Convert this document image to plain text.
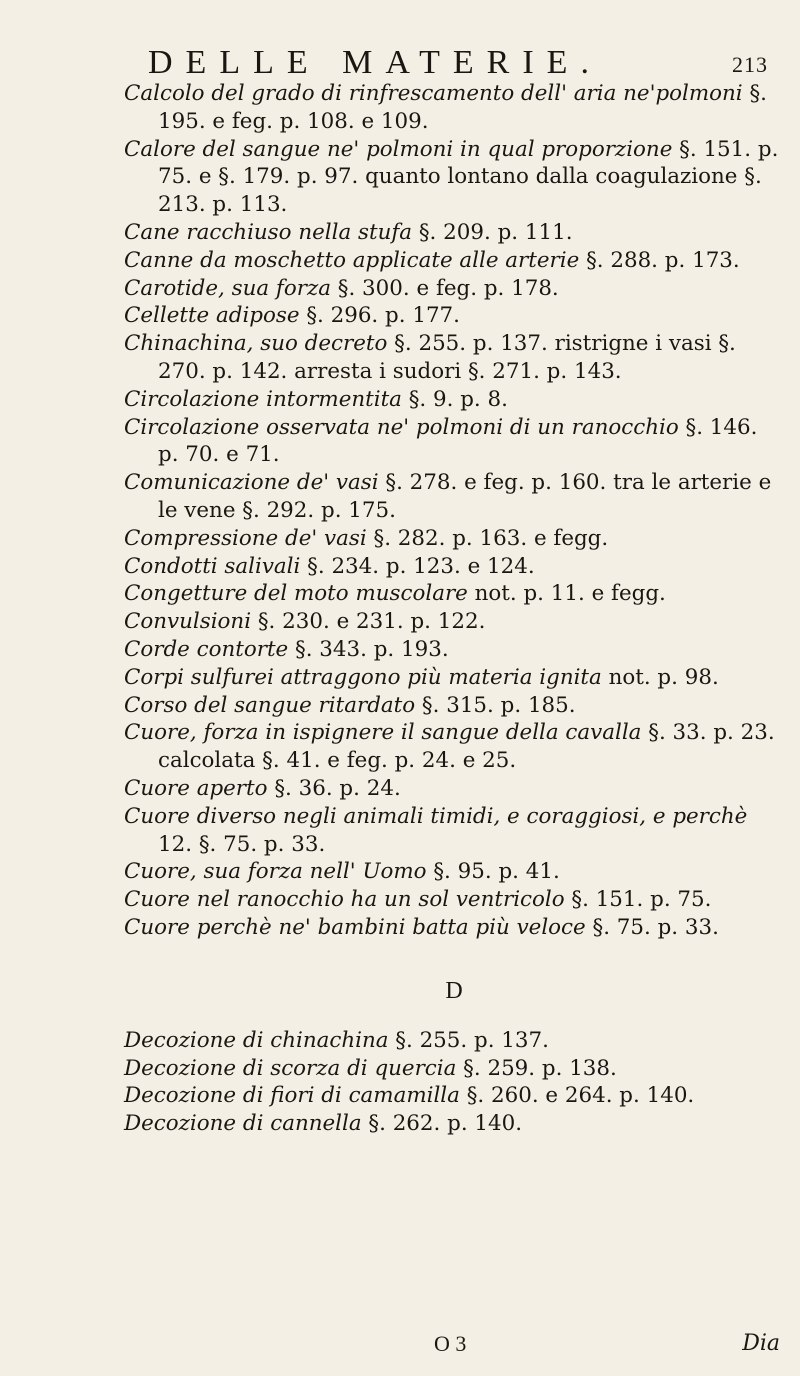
DELLE MATERIE.	213
Calcolo del grado di rinfrescamento dell' aria ne'polmoni §. 195. e feg. p. 108. e 109.
Calore del sangue ne' polmoni in qual proporzione §. 151. p. 75. e §. 179. p. 97. quanto lontano dalla coagulazione §. 213. p. 113.
Cane racchiuso nella stufa §. 209. p. 111.
Canne da moschetto applicate alle arterie §. 288. p. 173.
Carotide, sua forza §. 300. e feg. p. 178.
Cellette adipose §. 296. p. 177.
Chinachina, suo decreto §. 255. p. 137. ristrigne i vasi §. 270. p. 142. arresta i sudori §. 271. p. 143.
Circolazione intormentita §. 9. p. 8.
Circolazione osservata ne' polmoni di un ranocchio §. 146. p. 70. e 71.
Comunicazione de' vasi §. 278. e feg. p. 160. tra le arterie e le vene §. 292. p. 175.
Compressione de' vasi §. 282. p. 163. e fegg.
Condotti salivali §. 234. p. 123. e 124.
Congetture del moto muscolare not. p. 11. e fegg.
Convulsioni §. 230. e 231. p. 122.
Corde contorte §. 343. p. 193.
Corpi sulfurei attraggono più materia ignita not. p. 98.
Corso del sangue ritardato §. 315. p. 185.
Cuore, forza in ispignere il sangue della cavalla §. 33. p. 23. calcolata §. 41. e feg. p. 24. e 25.
Cuore aperto §. 36. p. 24.
Cuore diverso negli animali timidi, e coraggiosi, e perchè 12. §. 75. p. 33.
Cuore, sua forza nell' Uomo §. 95. p. 41.
Cuore nel ranocchio ha un sol ventricolo §. 151. p. 75.
Cuore perchè ne' bambini batta più veloce §. 75. p. 33.
D
Decozione di chinachina §. 255. p. 137.
Decozione di scorza di quercia §. 259. p. 138.
Decozione di fiori di camamilla §. 260. e 264. p. 140.
Decozione di cannella §. 262. p. 140.
O 3	Dia
